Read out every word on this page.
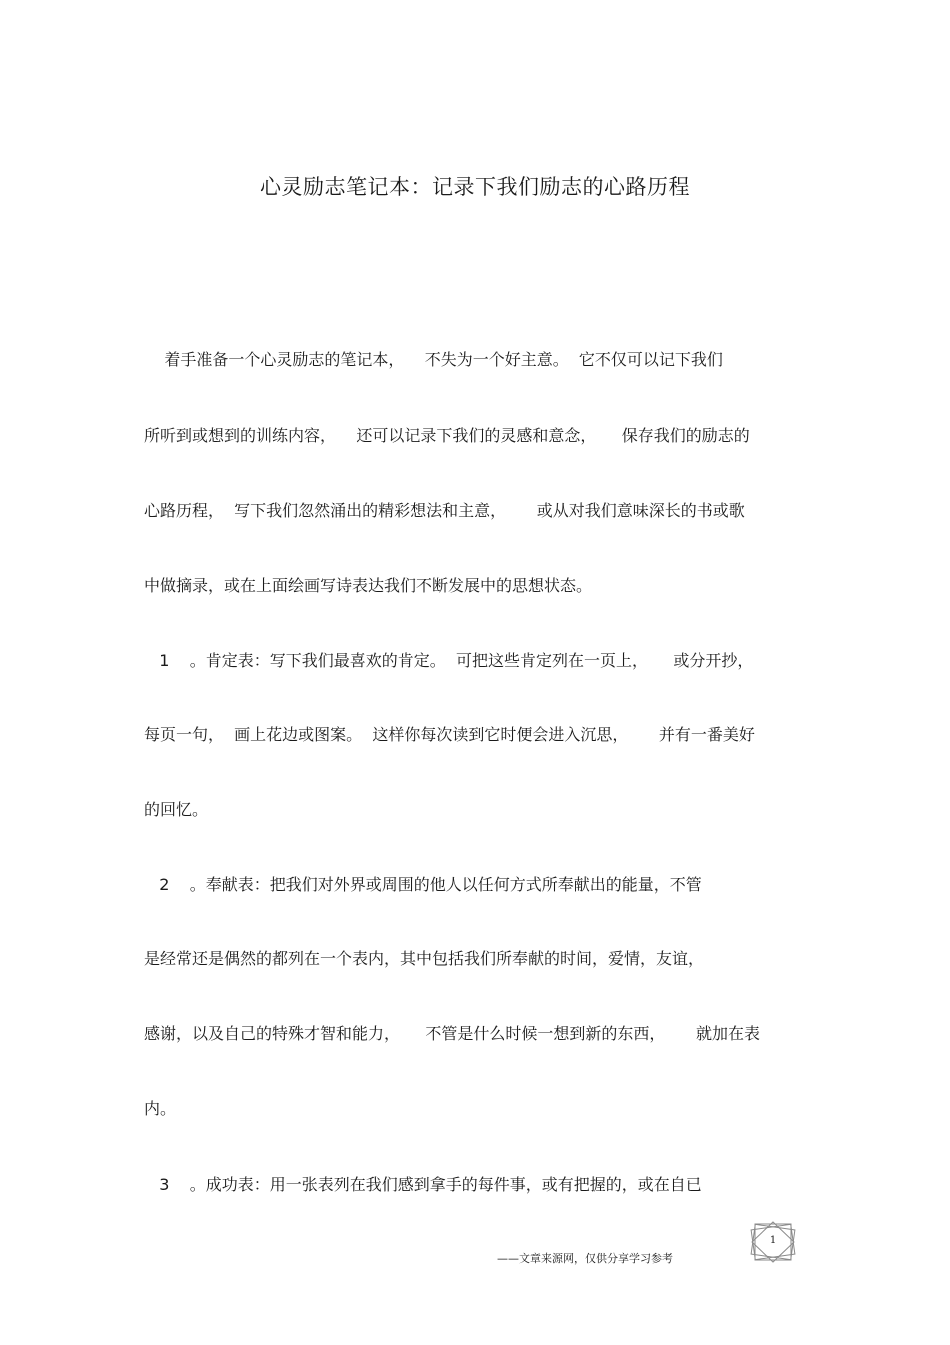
心灵励志笔记本：记录下我们励志的心路历程
着手准备一个心灵励志的笔记本，    不失为一个好主意。  它不仅可以记下我们
所听到或想到的训练内容，    还可以记录下我们的灵感和意念，     保存我们的励志的
心路历程，  写下我们忽然涌出的精彩想法和主意，      或从对我们意味深长的书或歌
中做摘录，或在上面绘画写诗表达我们不断发展中的思想状态。
1    。肯定表：写下我们最喜欢的肯定。  可把这些肯定列在一页上，     或分开抄，
每页一句，  画上花边或图案。  这样你每次读到它时便会进入沉思，      并有一番美好
的回忆。
2    。奉献表：把我们对外界或周围的他人以任何方式所奉献出的能量，不管
是经常还是偶然的都列在一个表内，其中包括我们所奉献的时间，爱情，友谊，
感谢，以及自己的特殊才智和能力，     不管是什么时候一想到新的东西，      就加在表
内。
3    。成功表：用一张表列在我们感到拿手的每件事，或有把握的，或在自已
——文章来源网，仅供分享学习参考
1
